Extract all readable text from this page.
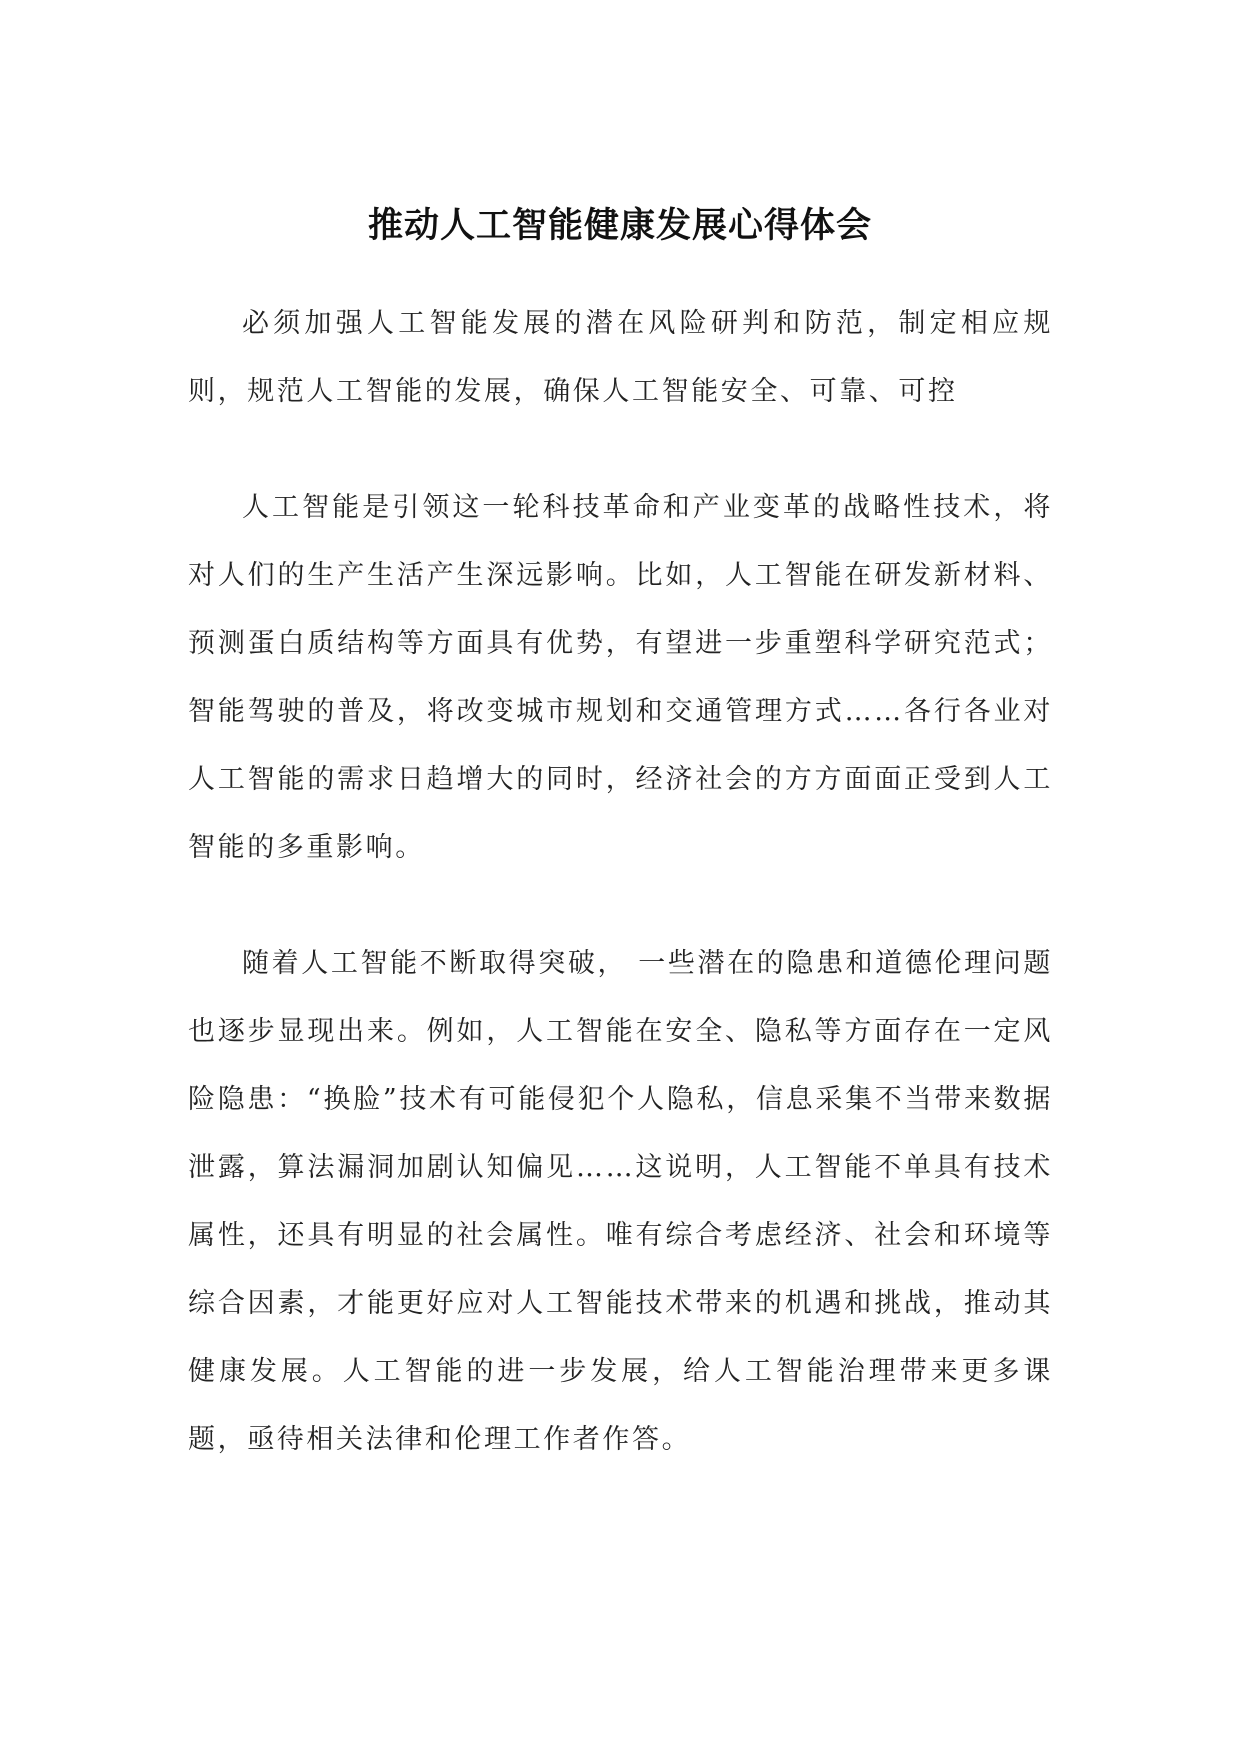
推动人工智能健康发展心得体会

必须加强人工智能发展的潜在风险研判和防范，制定相应规则，规范人工智能的发展，确保人工智能安全、可靠、可控

人工智能是引领这一轮科技革命和产业变革的战略性技术，将对人们的生产生活产生深远影响。比如，人工智能在研发新材料、预测蛋白质结构等方面具有优势，有望进一步重塑科学研究范式；智能驾驶的普及，将改变城市规划和交通管理方式……各行各业对人工智能的需求日趋增大的同时，经济社会的方方面面正受到人工智能的多重影响。

随着人工智能不断取得突破， 一些潜在的隐患和道德伦理问题也逐步显现出来。例如，人工智能在安全、隐私等方面存在一定风险隐患：“换脸”技术有可能侵犯个人隐私，信息采集不当带来数据泄露，算法漏洞加剧认知偏见……这说明，人工智能不单具有技术属性，还具有明显的社会属性。唯有综合考虑经济、社会和环境等综合因素，才能更好应对人工智能技术带来的机遇和挑战，推动其健康发展。人工智能的进一步发展，给人工智能治理带来更多课题，亟待相关法律和伦理工作者作答。
